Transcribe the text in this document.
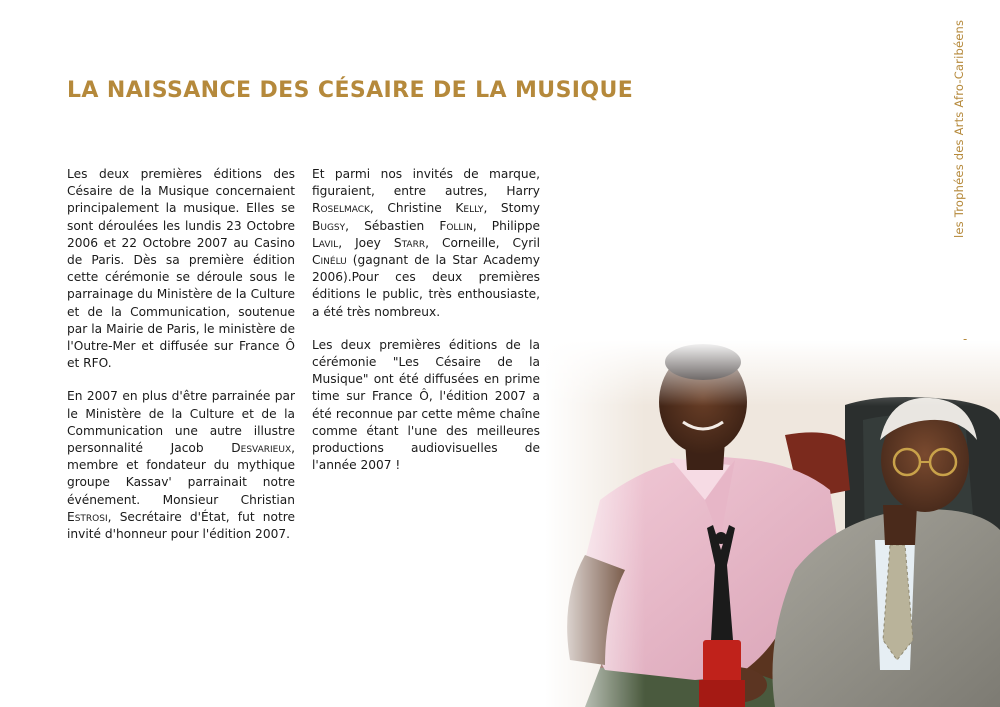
LA NAISSANCE DES CÉSAIRE DE LA MUSIQUE

Les deux premières éditions des Césaire de la Musique concernaient principalement la musique. Elles se sont déroulées les lundis 23 Octobre 2006 et 22 Octobre 2007 au Casino de Paris. Dès sa première édition cette cérémonie se déroule sous le parrainage du Ministère de la Culture et de la Communication, soutenue par la Mairie de Paris, le ministère de l'Outre-Mer et diffusée sur France Ô et RFO.

En 2007 en plus d'être parrainée par le Ministère de la Culture et de la Communication une autre illustre personnalité Jacob Desvarieux, membre et fondateur du mythique groupe Kassav' parrainait notre événement. Monsieur Christian Estrosi, Secrétaire d'État, fut notre invité d'honneur pour l'édition 2007.

Et parmi nos invités de marque, figuraient, entre autres, Harry Roselmack, Christine Kelly, Stomy Bugsy, Sébastien Follin, Philippe Lavil, Joey Starr, Corneille, Cyril Cinélu (gagnant de la Star Academy 2006).Pour ces deux premières éditions le public, très enthousiaste, a été très nombreux.

Les deux premières éditions de la cérémonie "Les Césaire de la Musique" ont été diffusées en prime time sur France Ô, l'édition 2007 a été reconnue par cette même chaîne comme étant l'une des meilleures productions audiovisuelles de l'année 2007 !

les Trophées des Arts Afro-Caribéens
